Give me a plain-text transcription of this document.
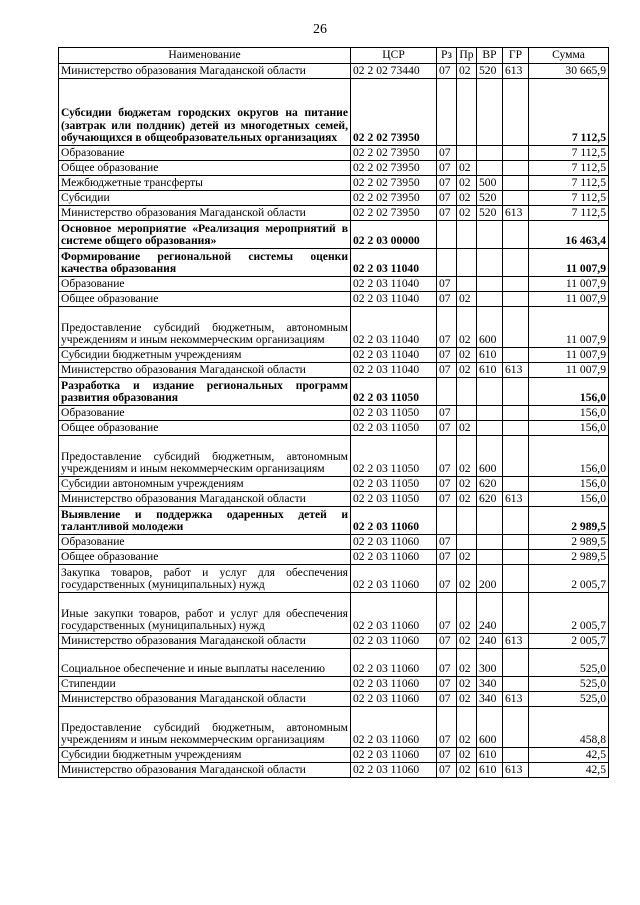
26
Наименование	ЦСР	Рз	Пр	ВР	ГР	Сумма
Министерство образования Магаданской области	02 2 02 73440	07	02	520	613	30 665,9
Субсидии бюджетам городских округов на питание (завтрак или полдник) детей из многодетных семей, обучающихся в общеобразовательных организациях	02 2 02 73950					7 112,5
Образование	02 2 02 73950	07				7 112,5
Общее образование	02 2 02 73950	07	02			7 112,5
Межбюджетные трансферты	02 2 02 73950	07	02	500		7 112,5
Субсидии	02 2 02 73950	07	02	520		7 112,5
Министерство образования Магаданской области	02 2 02 73950	07	02	520	613	7 112,5
Основное мероприятие «Реализация мероприятий в системе общего образования»	02 2 03 00000					16 463,4
Формирование региональной системы оценки качества образования	02 2 03 11040					11 007,9
Образование	02 2 03 11040	07				11 007,9
Общее образование	02 2 03 11040	07	02			11 007,9
Предоставление субсидий бюджетным, автономным учреждениям и иным некоммерческим организациям	02 2 03 11040	07	02	600		11 007,9
Субсидии бюджетным учреждениям	02 2 03 11040	07	02	610		11 007,9
Министерство образования Магаданской области	02 2 03 11040	07	02	610	613	11 007,9
Разработка и издание региональных программ развития образования	02 2 03 11050					156,0
Образование	02 2 03 11050	07				156,0
Общее образование	02 2 03 11050	07	02			156,0
Предоставление субсидий бюджетным, автономным учреждениям и иным некоммерческим организациям	02 2 03 11050	07	02	600		156,0
Субсидии автономным учреждениям	02 2 03 11050	07	02	620		156,0
Министерство образования Магаданской области	02 2 03 11050	07	02	620	613	156,0
Выявление и поддержка одаренных детей и талантливой молодежи	02 2 03 11060					2 989,5
Образование	02 2 03 11060	07				2 989,5
Общее образование	02 2 03 11060	07	02			2 989,5
Закупка товаров, работ и услуг для обеспечения государственных (муниципальных) нужд	02 2 03 11060	07	02	200		2 005,7
Иные закупки товаров, работ и услуг для обеспечения государственных (муниципальных) нужд	02 2 03 11060	07	02	240		2 005,7
Министерство образования Магаданской области	02 2 03 11060	07	02	240	613	2 005,7
Социальное обеспечение и иные выплаты населению	02 2 03 11060	07	02	300		525,0
Стипендии	02 2 03 11060	07	02	340		525,0
Министерство образования Магаданской области	02 2 03 11060	07	02	340	613	525,0
Предоставление субсидий бюджетным, автономным учреждениям и иным некоммерческим организациям	02 2 03 11060	07	02	600		458,8
Субсидии бюджетным учреждениям	02 2 03 11060	07	02	610		42,5
Министерство образования Магаданской области	02 2 03 11060	07	02	610	613	42,5
